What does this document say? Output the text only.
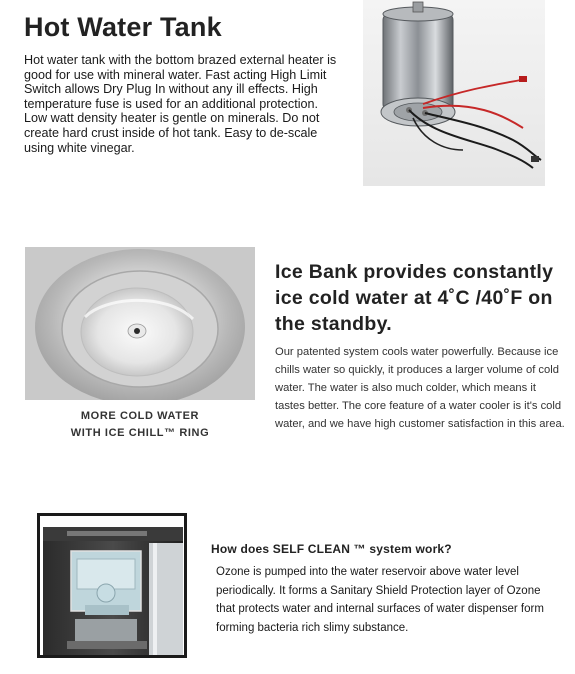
Hot Water Tank
Hot water tank with the bottom brazed external heater is good for use with mineral water. Fast acting High Limit Switch allows Dry Plug In without any ill effects. High temperature fuse is used for an additional protection. Low watt density heater is gentle on minerals. Do not create hard crust inside of hot tank. Easy to de-scale using white vinegar.
MORE COLD WATER
WITH ICE CHILL™ RING
Ice Bank provides constantly ice cold water at 4˚C /40˚F on the standby.
Our patented system cools water powerfully. Because ice chills water so quickly, it produces a larger volume of cold water. The water is also much colder, which means it tastes better. The core feature of a water cooler is it's cold water, and we have high customer satisfaction in this area.
How does SELF CLEAN ™ system work?
Ozone is pumped into the water reservoir above water level periodically. It forms a Sanitary Shield Protection layer of Ozone that protects water and internal surfaces of water dispenser form forming bacteria rich slimy substance.
